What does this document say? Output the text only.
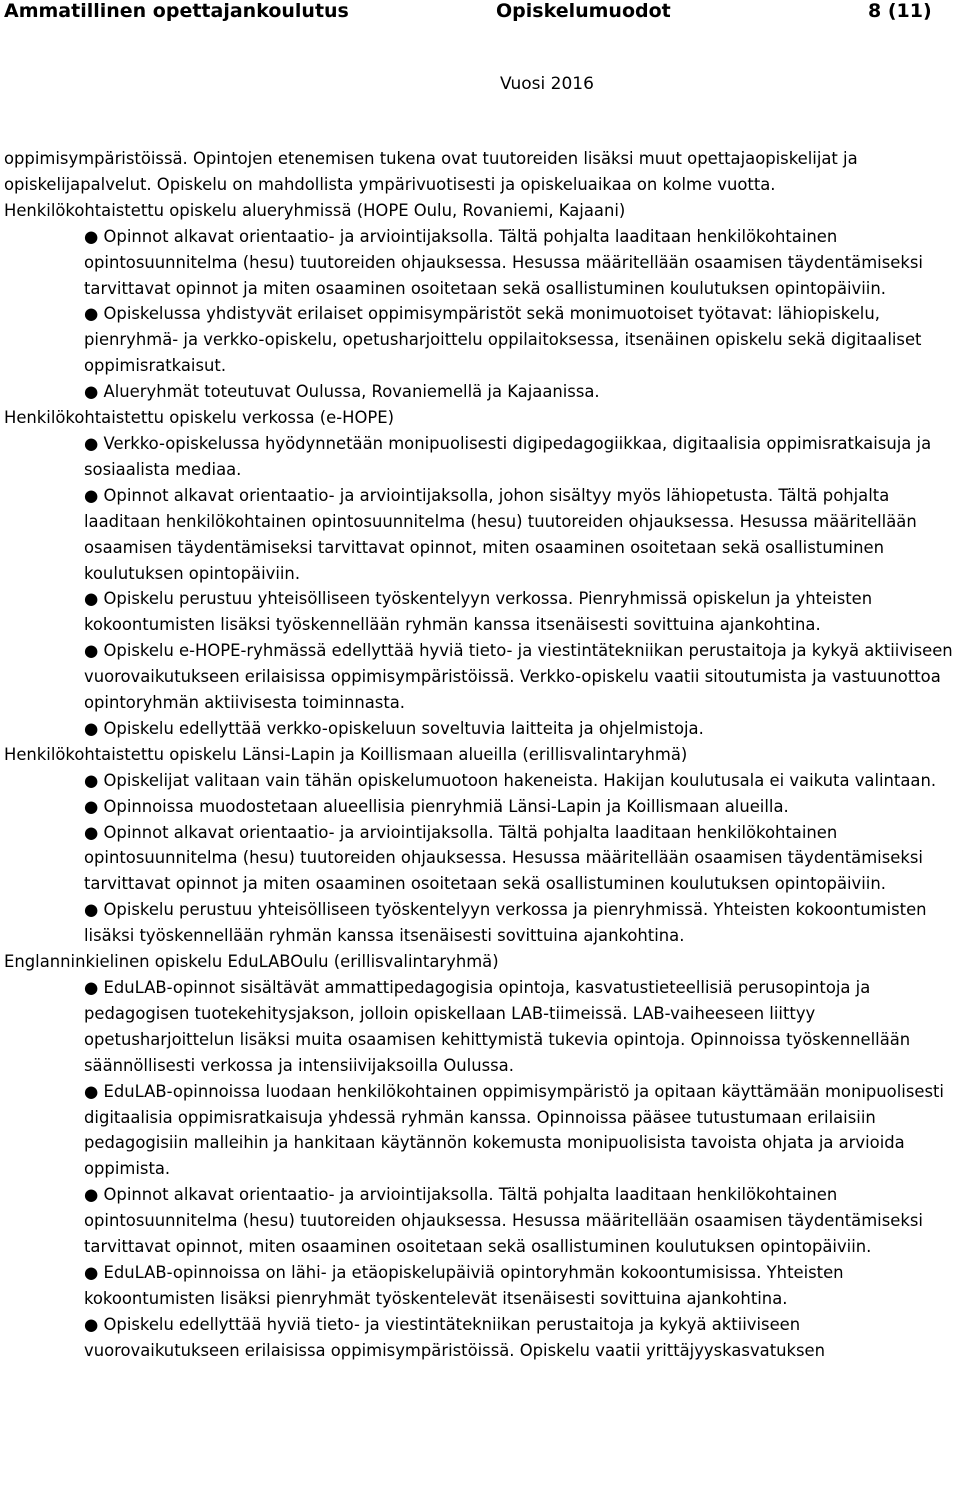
Ammatillinen opettajankoulutus	Opiskelumuodot	8 (11)
Vuosi 2016

oppimisympäristöissä. Opintojen etenemisen tukena ovat tuutoreiden lisäksi muut opettajaopiskelijat ja opiskelijapalvelut. Opiskelu on mahdollista ympärivuotisesti ja opiskeluaikaa on kolme vuotta.

Henkilökohtaistettu opiskelu alueryhmissä (HOPE Oulu, Rovaniemi, Kajaani)

● Opinnot alkavat orientaatio- ja arviointijaksolla. Tältä pohjalta laaditaan henkilökohtainen opintosuunnitelma (hesu) tuutoreiden ohjauksessa. Hesussa määritellään osaamisen täydentämiseksi tarvittavat opinnot ja miten osaaminen osoitetaan sekä osallistuminen koulutuksen opintopäiviin.

● Opiskelussa yhdistyvät erilaiset oppimisympäristöt sekä monimuotoiset työtavat: lähiopiskelu, pienryhmä- ja verkko-opiskelu, opetusharjoittelu oppilaitoksessa, itsenäinen opiskelu sekä digitaaliset oppimisratkaisut.

● Alueryhmät toteutuvat Oulussa, Rovaniemellä ja Kajaanissa.

Henkilökohtaistettu opiskelu verkossa (e-HOPE)

● Verkko-opiskelussa hyödynnetään monipuolisesti digipedagogiikkaa, digitaalisia oppimisratkaisuja ja sosiaalista mediaa.

● Opinnot alkavat orientaatio- ja arviointijaksolla, johon sisältyy myös lähiopetusta. Tältä pohjalta laaditaan henkilökohtainen opintosuunnitelma (hesu) tuutoreiden ohjauksessa. Hesussa määritellään osaamisen täydentämiseksi tarvittavat opinnot, miten osaaminen osoitetaan sekä osallistuminen koulutuksen opintopäiviin.

● Opiskelu perustuu yhteisölliseen työskentelyyn verkossa. Pienryhmissä opiskelun ja yhteisten kokoontumisten lisäksi työskennellään ryhmän kanssa itsenäisesti sovittuina ajankohtina.

● Opiskelu e-HOPE-ryhmässä edellyttää hyviä tieto- ja viestintätekniikan perustaitoja ja kykyä aktiiviseen vuorovaikutukseen erilaisissa oppimisympäristöissä. Verkko-opiskelu vaatii sitoutumista ja vastuunottoa opintoryhmän aktiivisesta toiminnasta.

● Opiskelu edellyttää verkko-opiskeluun soveltuvia laitteita ja ohjelmistoja.

Henkilökohtaistettu opiskelu Länsi-Lapin ja Koillismaan alueilla (erillisvalintaryhmä)

● Opiskelijat valitaan vain tähän opiskelumuotoon hakeneista. Hakijan koulutusala ei vaikuta valintaan.

● Opinnoissa muodostetaan alueellisia pienryhmiä Länsi-Lapin ja Koillismaan alueilla.

● Opinnot alkavat orientaatio- ja arviointijaksolla. Tältä pohjalta laaditaan henkilökohtainen opintosuunnitelma (hesu) tuutoreiden ohjauksessa. Hesussa määritellään osaamisen täydentämiseksi tarvittavat opinnot ja miten osaaminen osoitetaan sekä osallistuminen koulutuksen opintopäiviin.

● Opiskelu perustuu yhteisölliseen työskentelyyn verkossa ja pienryhmissä. Yhteisten kokoontumisten lisäksi työskennellään ryhmän kanssa itsenäisesti sovittuina ajankohtina.

Englanninkielinen opiskelu EduLABOulu (erillisvalintaryhmä)

● EduLAB-opinnot sisältävät ammattipedagogisia opintoja, kasvatustieteellisiä perusopintoja ja pedagogisen tuotekehitysjakson, jolloin opiskellaan LAB-tiimeissä. LAB-vaiheeseen liittyy opetusharjoittelun lisäksi muita osaamisen kehittymistä tukevia opintoja. Opinnoissa työskennellään säännöllisesti verkossa ja intensiivijaksoilla Oulussa.

● EduLAB-opinnoissa luodaan henkilökohtainen oppimisympäristö ja opitaan käyttämään monipuolisesti digitaalisia oppimisratkaisuja yhdessä ryhmän kanssa. Opinnoissa pääsee tutustumaan erilaisiin pedagogisiin malleihin ja hankitaan käytännön kokemusta monipuolisista tavoista ohjata ja arvioida oppimista.

● Opinnot alkavat orientaatio- ja arviointijaksolla. Tältä pohjalta laaditaan henkilökohtainen opintosuunnitelma (hesu) tuutoreiden ohjauksessa. Hesussa määritellään osaamisen täydentämiseksi tarvittavat opinnot, miten osaaminen osoitetaan sekä osallistuminen koulutuksen opintopäiviin.

● EduLAB-opinnoissa on lähi- ja etäopiskelupäiviä opintoryhmän kokoontumisissa. Yhteisten kokoontumisten lisäksi pienryhmät työskentelevät itsenäisesti sovittuina ajankohtina.

● Opiskelu edellyttää hyviä tieto- ja viestintätekniikan perustaitoja ja kykyä aktiiviseen vuorovaikutukseen erilaisissa oppimisympäristöissä. Opiskelu vaatii yrittäjyyskasvatuksen
